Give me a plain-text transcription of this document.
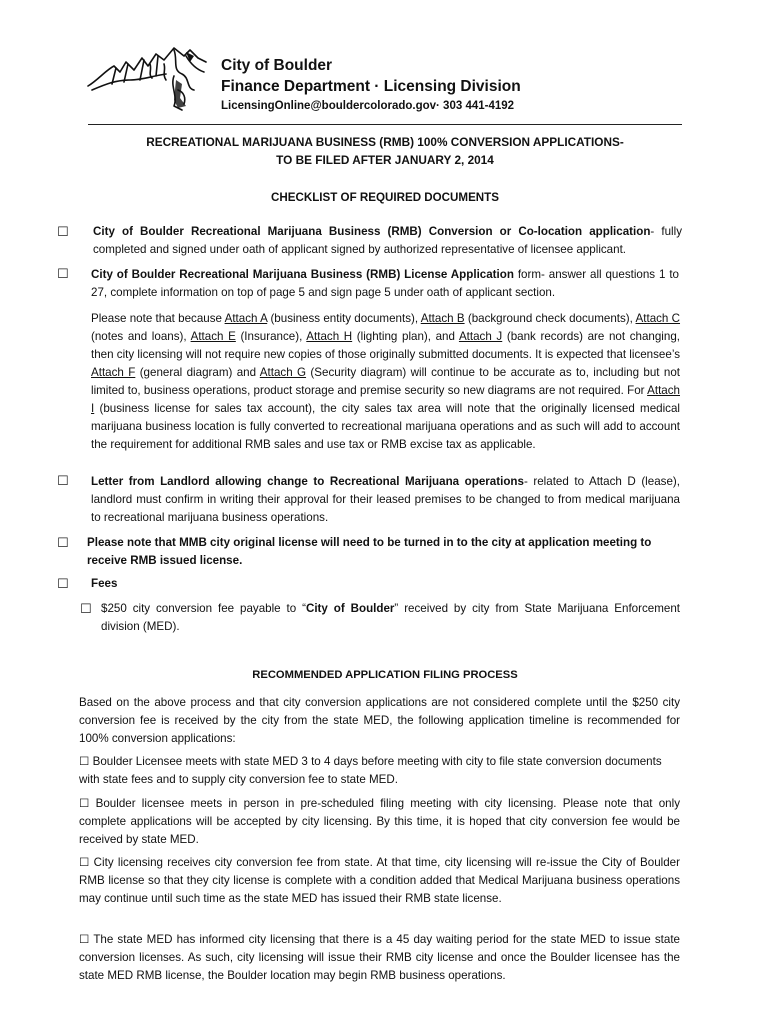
City of Boulder
Finance Department · Licensing Division
LicensingOnline@bouldercolorado.gov· 303 441-4192
RECREATIONAL MARIJUANA BUSINESS (RMB) 100% CONVERSION APPLICATIONS-
TO BE FILED AFTER JANUARY 2, 2014
CHECKLIST OF REQUIRED DOCUMENTS
☐ City of Boulder Recreational Marijuana Business (RMB) Conversion or Co-location application- fully completed and signed under oath of applicant signed by authorized representative of licensee applicant.
☐ City of Boulder Recreational Marijuana Business (RMB) License Application form- answer all questions 1 to 27, complete information on top of page 5 and sign page 5 under oath of applicant section.
Please note that because Attach A (business entity documents), Attach B (background check documents), Attach C (notes and loans), Attach E (Insurance), Attach H (lighting plan), and Attach J (bank records) are not changing, then city licensing will not require new copies of those originally submitted documents. It is expected that licensee’s Attach F (general diagram) and Attach G (Security diagram) will continue to be accurate as to, including but not limited to, business operations, product storage and premise security so new diagrams are not required. For Attach I (business license for sales tax account), the city sales tax area will note that the originally licensed medical marijuana business location is fully converted to recreational marijuana operations and as such will add to account the requirement for additional RMB sales and use tax or RMB excise tax as applicable.
☐ Letter from Landlord allowing change to Recreational Marijuana operations- related to Attach D (lease), landlord must confirm in writing their approval for their leased premises to be changed to from medical marijuana to recreational marijuana business operations.
☐ Please note that MMB city original license will need to be turned in to the city at application meeting to receive RMB issued license.
☐ Fees
☐ $250 city conversion fee payable to “City of Boulder” received by city from State Marijuana Enforcement division (MED).
RECOMMENDED APPLICATION FILING PROCESS
Based on the above process and that city conversion applications are not considered complete until the $250 city conversion fee is received by the city from the state MED, the following application timeline is recommended for 100% conversion applications:
☐ Boulder Licensee meets with state MED 3 to 4 days before meeting with city to file state conversion documents with state fees and to supply city conversion fee to state MED.
☐ Boulder licensee meets in person in pre-scheduled filing meeting with city licensing. Please note that only complete applications will be accepted by city licensing. By this time, it is hoped that city conversion fee would be received by state MED.
☐ City licensing receives city conversion fee from state. At that time, city licensing will re-issue the City of Boulder RMB license so that they city license is complete with a condition added that Medical Marijuana business operations may continue until such time as the state MED has issued their RMB state license.
☐ The state MED has informed city licensing that there is a 45 day waiting period for the state MED to issue state conversion licenses. As such, city licensing will issue their RMB city license and once the Boulder licensee has the state MED RMB license, the Boulder location may begin RMB business operations.
